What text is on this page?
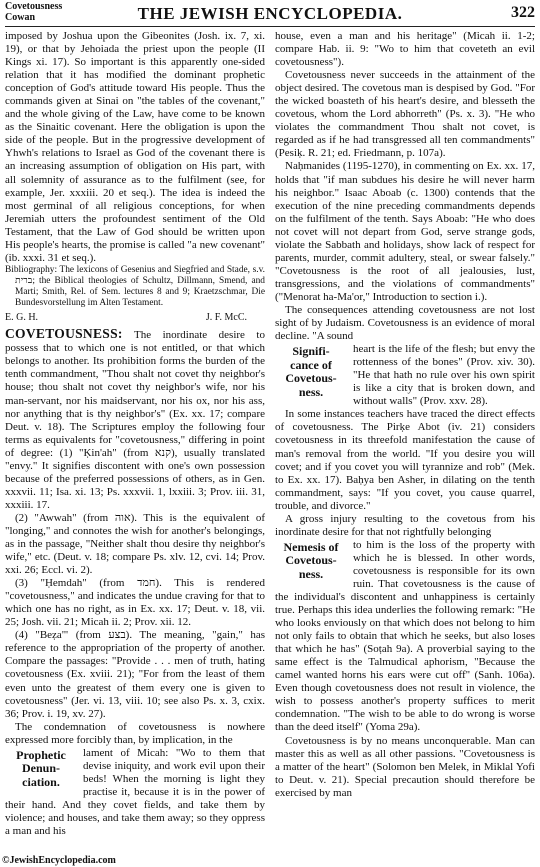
Covetousness
Cowan	THE JEWISH ENCYCLOPEDIA.	322

imposed by Joshua upon the Gibeonites (Josh. ix. 7, xi. 19), or that by Jehoiada the priest upon the people (II Kings xi. 17). So important is this apparently one-sided relation that it has modified the dominant prophetic conception of God's attitude toward His people. Thus the commands given at Sinai on "the tables of the covenant," and the whole giving of the Law, have come to be known as the Sinaitic covenant. Here the obligation is upon the side of the people. But in the progressive development of Yhwh's relations to Israel as God of the covenant there is an increasing assumption of obligation on His part, with all solemnity of assurance as to the fulfilment (see, for example, Jer. xxxiii. 20 et seq.). The idea is indeed the most germinal of all religious conceptions, for when Jeremiah utters the profoundest sentiment of the Old Testament, that the Law of God should be written upon His people's hearts, the promise is called "a new covenant" (ib. xxxi. 31 et seq.).

Bibliography: The lexicons of Gesenius and Siegfried and Stade, s.v. ברית; the Biblical theologies of Schultz, Dillmann, Smend, and Marti; Smith, Rel. of Sem. lectures 8 and 9; Kraetzschmar, Die Bundesvorstellung im Alten Testament.

E. G. H.	J. F. McC.

COVETOUSNESS: The inordinate desire to possess that to which one is not entitled, or that which belongs to another. Its prohibition forms the burden of the tenth commandment, "Thou shalt not covet thy neighbor's house; thou shalt not covet thy neighbor's wife, nor his man-servant, nor his maidservant, nor his ox, nor his ass, nor anything that is thy neighbor's" (Ex. xx. 17; compare Deut. v. 18). The Scriptures employ the following four terms as equivalents for "covetousness," differing in point of degree: (1) "Ḳin'ah" (from קנא), usually translated "envy." It signifies discontent with one's own possession because of the preferred possessions of others, as in Gen. xxxvii. 11; Isa. xi. 13; Ps. xxxvii. 1, lxxiii. 3; Prov. iii. 31, xxxiii. 17.

(2) "Awwah" (from אוה). This is the equivalent of "longing," and connotes the wish for another's belongings, as in the passage, "Neither shalt thou desire thy neighbor's wife," etc. (Deut. v. 18; compare Ps. xlv. 12, cvi. 14; Prov. xxi. 26; Eccl. vi. 2).

(3) "Ḥemdah" (from חמד). This is rendered "covetousness," and indicates the undue craving for that to which one has no right, as in Ex. xx. 17; Deut. v. 18, vii. 25; Josh. vii. 21; Micah ii. 2; Prov. xii. 12.

(4) "Beẓa'" (from בצע). The meaning, "gain," has reference to the appropriation of the property of another. Compare the passages: "Provide . . . men of truth, hating covetousness (Ex. xviii. 21); "For from the least of them even unto the greatest of them every one is given to covetousness" (Jer. vi. 13, viii. 10; see also Ps. x. 3, cxix. 36; Prov. i. 19, xv. 27).

The condemnation of covetousness is nowhere expressed more forcibly than, by implication, in the

Prophetic
Denun-
ciation.

lament of Micah: "Wo to them that devise iniquity, and work evil upon their beds! When the morning is light they practise it, because it is in the power of their hand. And they covet fields, and take them by violence; and houses, and take them away; so they oppress a man and his

house, even a man and his heritage" (Micah ii. 1-2; compare Hab. ii. 9: "Wo to him that coveteth an evil covetousness").

Covetousness never succeeds in the attainment of the object desired. The covetous man is despised by God. "For the wicked boasteth of his heart's desire, and blesseth the covetous, whom the Lord abhorreth" (Ps. x. 3). "He who violates the commandment Thou shalt not covet, is regarded as if he had transgressed all ten commandments" (Pesiḳ. R. 21; ed. Friedmann, p. 107a).

Naḥmanides (1195-1270), in commenting on Ex. xx. 17, holds that "if man subdues his desire he will never harm his neighbor." Isaac Aboab (c. 1300) contends that the execution of the nine preceding commandments depends on the fulfilment of the tenth. Says Aboab: "He who does not covet will not depart from God, serve strange gods, violate the Sabbath and holidays, show lack of respect for parents, murder, commit adultery, steal, or swear falsely." "Covetousness is the root of all jealousies, lust, transgressions, and the violations of commandments" ("Menorat ha-Ma'or," Introduction to section i.).

The consequences attending covetousness are not lost sight of by Judaism. Covetousness is an evidence of moral decline. "A sound

Signifi-
cance of
Covetous-
ness.

heart is the life of the flesh; but envy the rottenness of the bones" (Prov. xiv. 30). "He that hath no rule over his own spirit is like a city that is broken down, and without walls" (Prov. xxv. 28).

In some instances teachers have traced the direct effects of covetousness. The Pirḳe Abot (iv. 21) considers covetousness in its threefold manifestation the cause of man's removal from the world. "If you desire you will covet; and if you covet you will tyrannize and rob" (Mek. to Ex. xx. 17). Baḥya ben Asher, in dilating on the tenth commandment, says: "If you covet, you cause quarrel, trouble, and divorce."

A gross injury resulting to the covetous from his inordinate desire for that not rightfully belonging

Nemesis of
Covetous-
ness.

to him is the loss of the property with which he is blessed. In other words, covetousness is responsible for its own ruin. That covetousness is the cause of the individual's discontent and unhappiness is certainly true. Perhaps this idea underlies the following remark: "He who looks enviously on that which does not belong to him not only fails to obtain that which he seeks, but also loses that which he has" (Soṭah 9a). A proverbial saying to the same effect is the Talmudical aphorism, "Because the camel wanted horns his ears were cut off" (Sanh. 106a). Even though covetousness does not result in violence, the wish to possess another's property suffices to merit condemnation. "The wish to be able to do wrong is worse than the deed itself" (Yoma 29a).

Covetousness is by no means unconquerable. Man can master this as well as all other passions. "Covetousness is a matter of the heart" (Solomon ben Melek, in Miklal Yofi to Deut. v. 21). Special precaution should therefore be exercised by man

©JewishEncyclopedia.com
